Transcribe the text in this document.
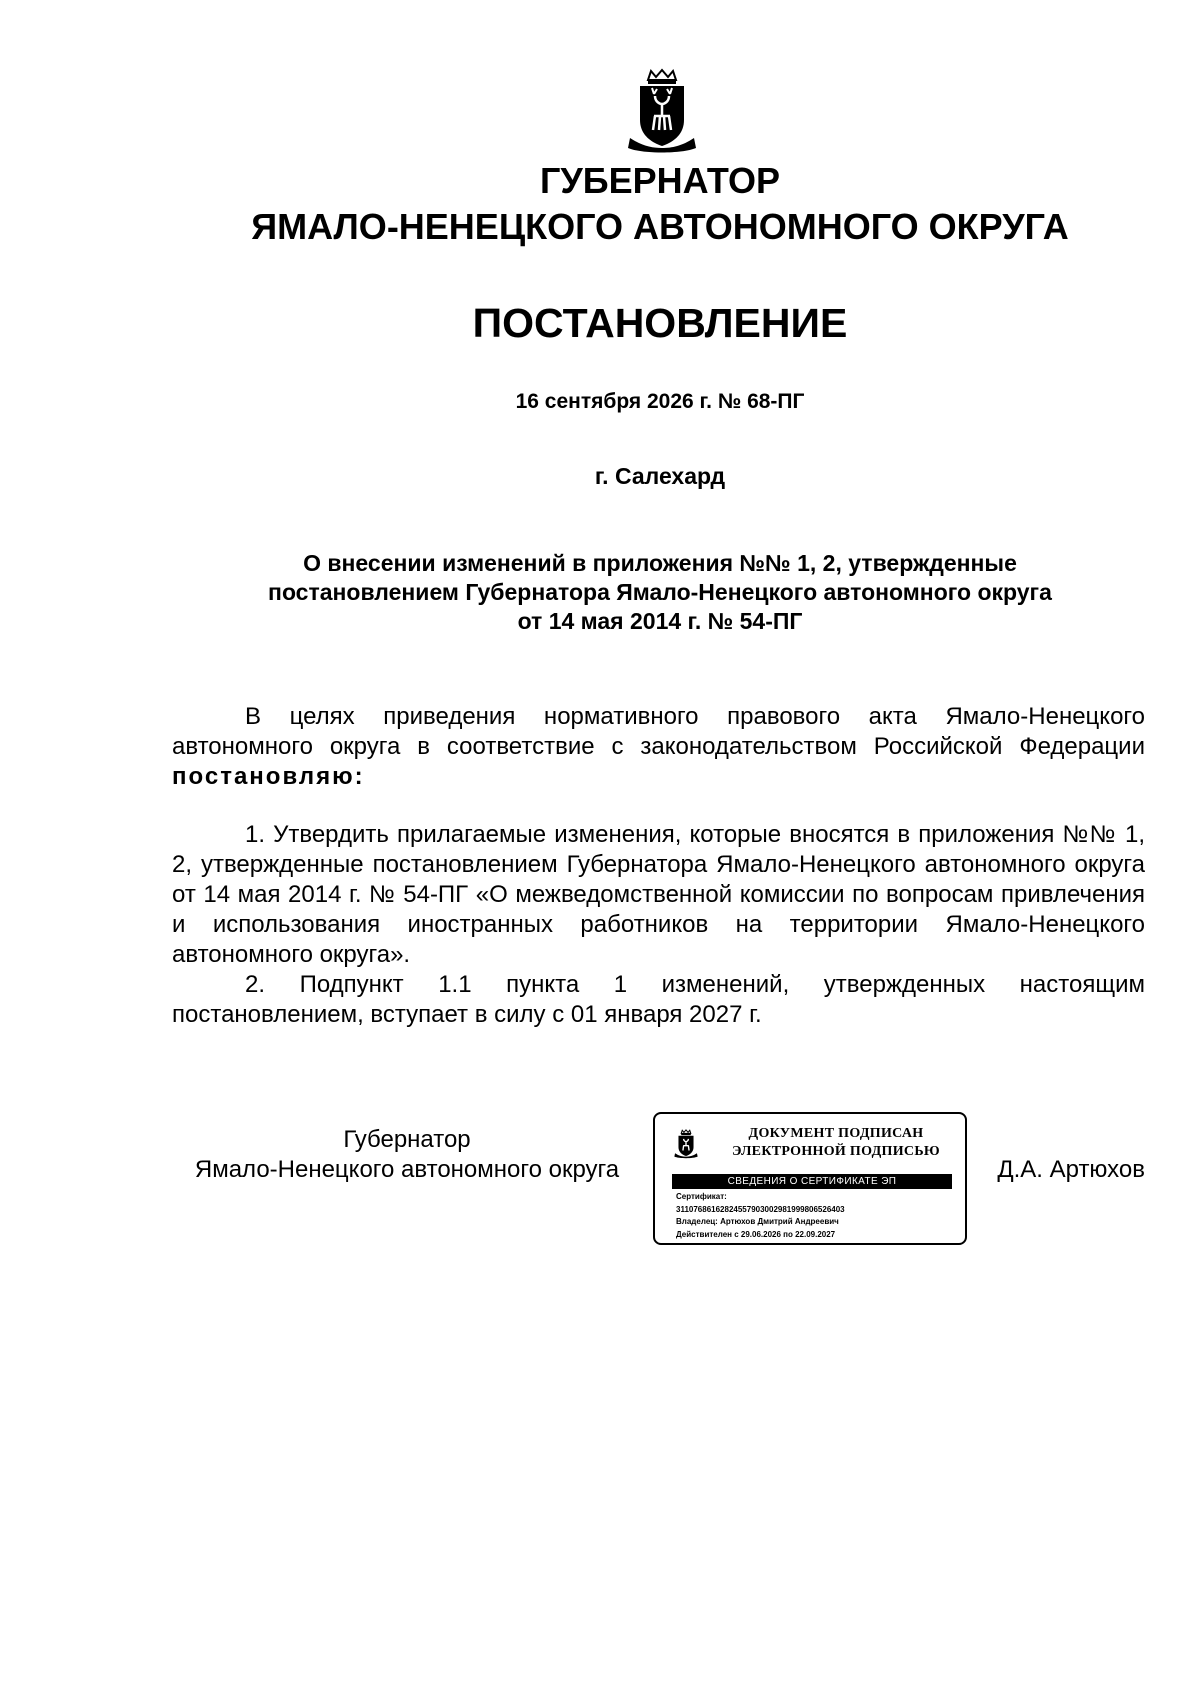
ГУБЕРНАТОР
ЯМАЛО-НЕНЕЦКОГО АВТОНОМНОГО ОКРУГА
ПОСТАНОВЛЕНИЕ
16 сентября 2026 г. № 68-ПГ
г. Салехард
О внесении изменений в приложения №№ 1, 2, утвержденные
постановлением Губернатора Ямало-Ненецкого автономного округа
от 14 мая 2014 г. № 54-ПГ

В целях приведения нормативного правового акта Ямало-Ненецкого автономного округа в соответствие с законодательством Российской Федерации постановляю:

1. Утвердить прилагаемые изменения, которые вносятся в приложения №№ 1, 2, утвержденные постановлением Губернатора Ямало-Ненецкого автономного округа от 14 мая 2014 г. № 54-ПГ «О межведомственной комиссии по вопросам привлечения и использования иностранных работников на территории Ямало-Ненецкого автономного округа».

2. Подпункт 1.1 пункта 1 изменений, утвержденных настоящим постановлением, вступает в силу с 01 января 2027 г.

Губернатор
Ямало-Ненецкого автономного округа
ДОКУМЕНТ ПОДПИСАН
ЭЛЕКТРОННОЙ ПОДПИСЬЮ
СВЕДЕНИЯ О СЕРТИФИКАТЕ ЭП
Сертификат:
31107686162824557903002981999806526403
Владелец: Артюхов Дмитрий Андреевич
Действителен с 29.06.2026 по 22.09.2027
Д.А. Артюхов
